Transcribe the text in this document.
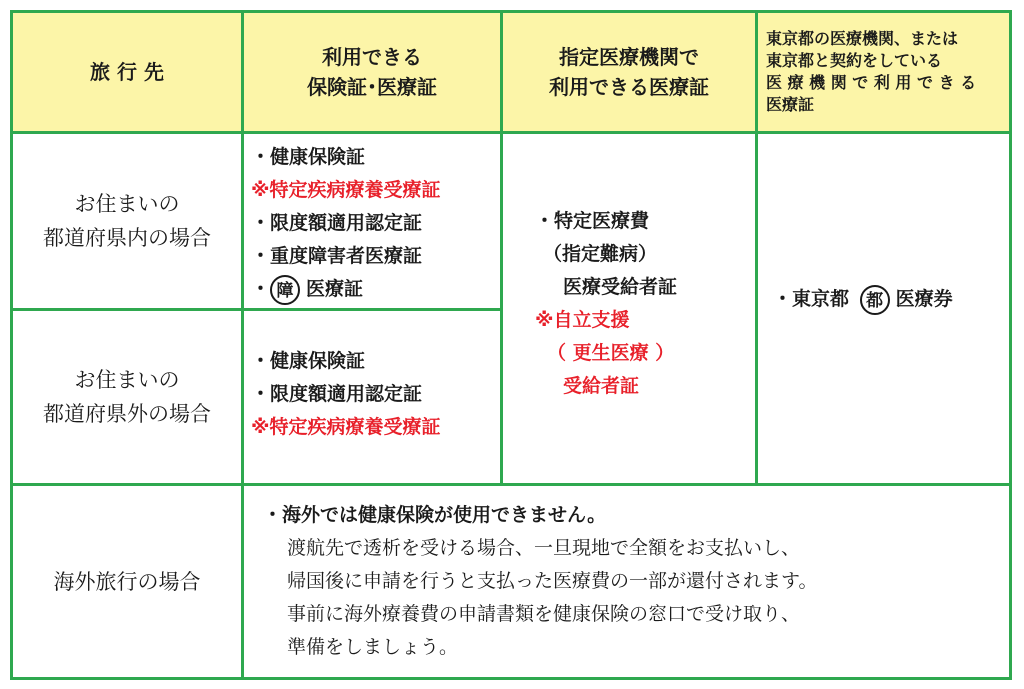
旅 行 先
利用できる
保険証･医療証
指定医療機関で
利用できる医療証
東京都の医療機関、または
東京都と契約をしている
医 療 機 関 で 利 用 で き る
医療証
お住まいの
都道府県内の場合
・健康保険証
※特定疾病療養受療証
・限度額適用認定証
・重度障害者医療証
・ 障 医療証
お住まいの
都道府県外の場合
・健康保険証
・限度額適用認定証
※特定疾病療養受療証
・特定医療費
（指定難病）
医療受給者証
※自立支援
（ 更生医療 ）
受給者証
・東京都 都 医療券
海外旅行の場合
・海外では健康保険が使用できません。
渡航先で透析を受ける場合、一旦現地で全額をお支払いし、
帰国後に申請を行うと支払った医療費の一部が還付されます。
事前に海外療養費の申請書類を健康保険の窓口で受け取り、
準備をしましょう。
